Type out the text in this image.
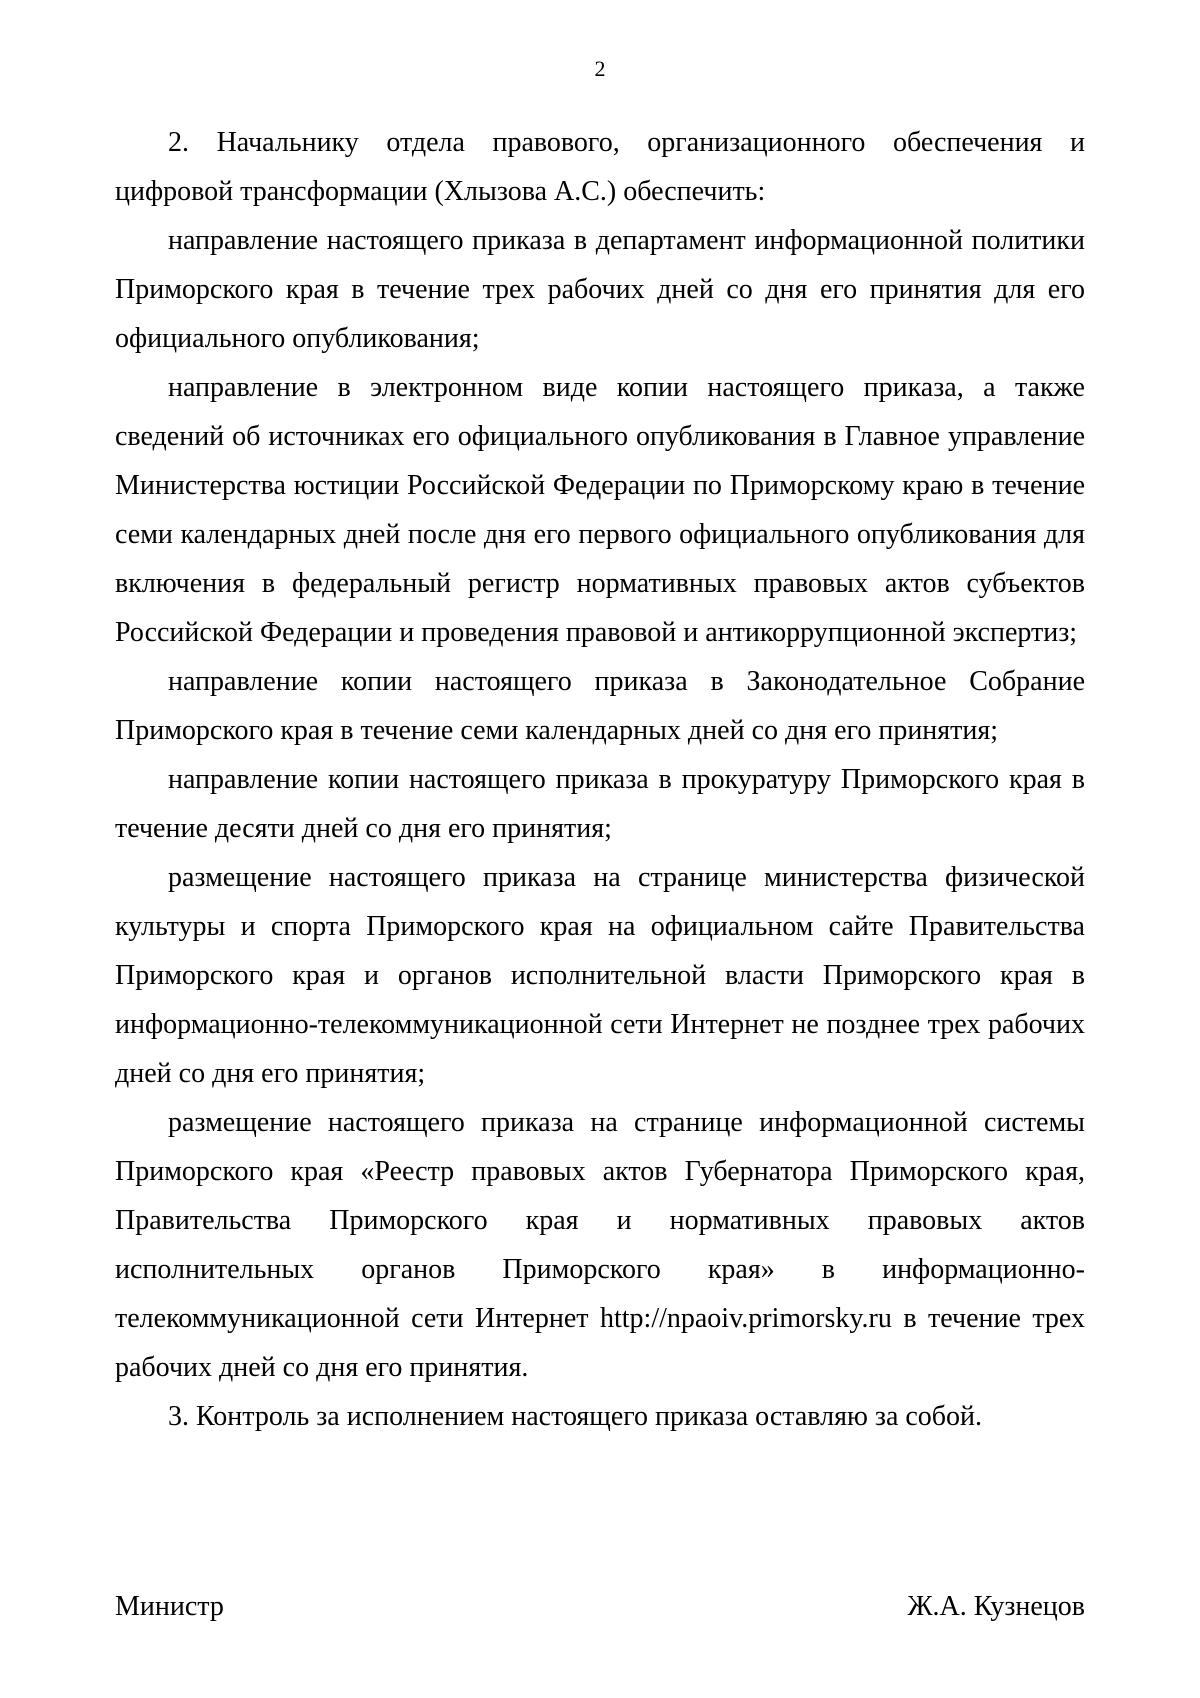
2

2. Начальнику отдела правового, организационного обеспечения и цифровой трансформации (Хлызова А.С.) обеспечить:

направление настоящего приказа в департамент информационной политики Приморского края в течение трех рабочих дней со дня его принятия для его официального опубликования;

направление в электронном виде копии настоящего приказа, а также сведений об источниках его официального опубликования в Главное управление Министерства юстиции Российской Федерации по Приморскому краю в течение семи календарных дней после дня его первого официального опубликования для включения в федеральный регистр нормативных правовых актов субъектов Российской Федерации и проведения правовой и антикоррупционной экспертиз;

направление копии настоящего приказа в Законодательное Собрание Приморского края в течение семи календарных дней со дня его принятия;

направление копии настоящего приказа в прокуратуру Приморского края в течение десяти дней со дня его принятия;

размещение настоящего приказа на странице министерства физической культуры и спорта Приморского края на официальном сайте Правительства Приморского края и органов исполнительной власти Приморского края в информационно-телекоммуникационной сети Интернет не позднее трех рабочих дней со дня его принятия;

размещение настоящего приказа на странице информационной системы Приморского края «Реестр правовых актов Губернатора Приморского края, Правительства Приморского края и нормативных правовых актов исполнительных органов Приморского края» в информационно-телекоммуникационной сети Интернет http://npaoiv.primorsky.ru в течение трех рабочих дней со дня его принятия.

3. Контроль за исполнением настоящего приказа оставляю за собой.

Министр	Ж.А. Кузнецов
